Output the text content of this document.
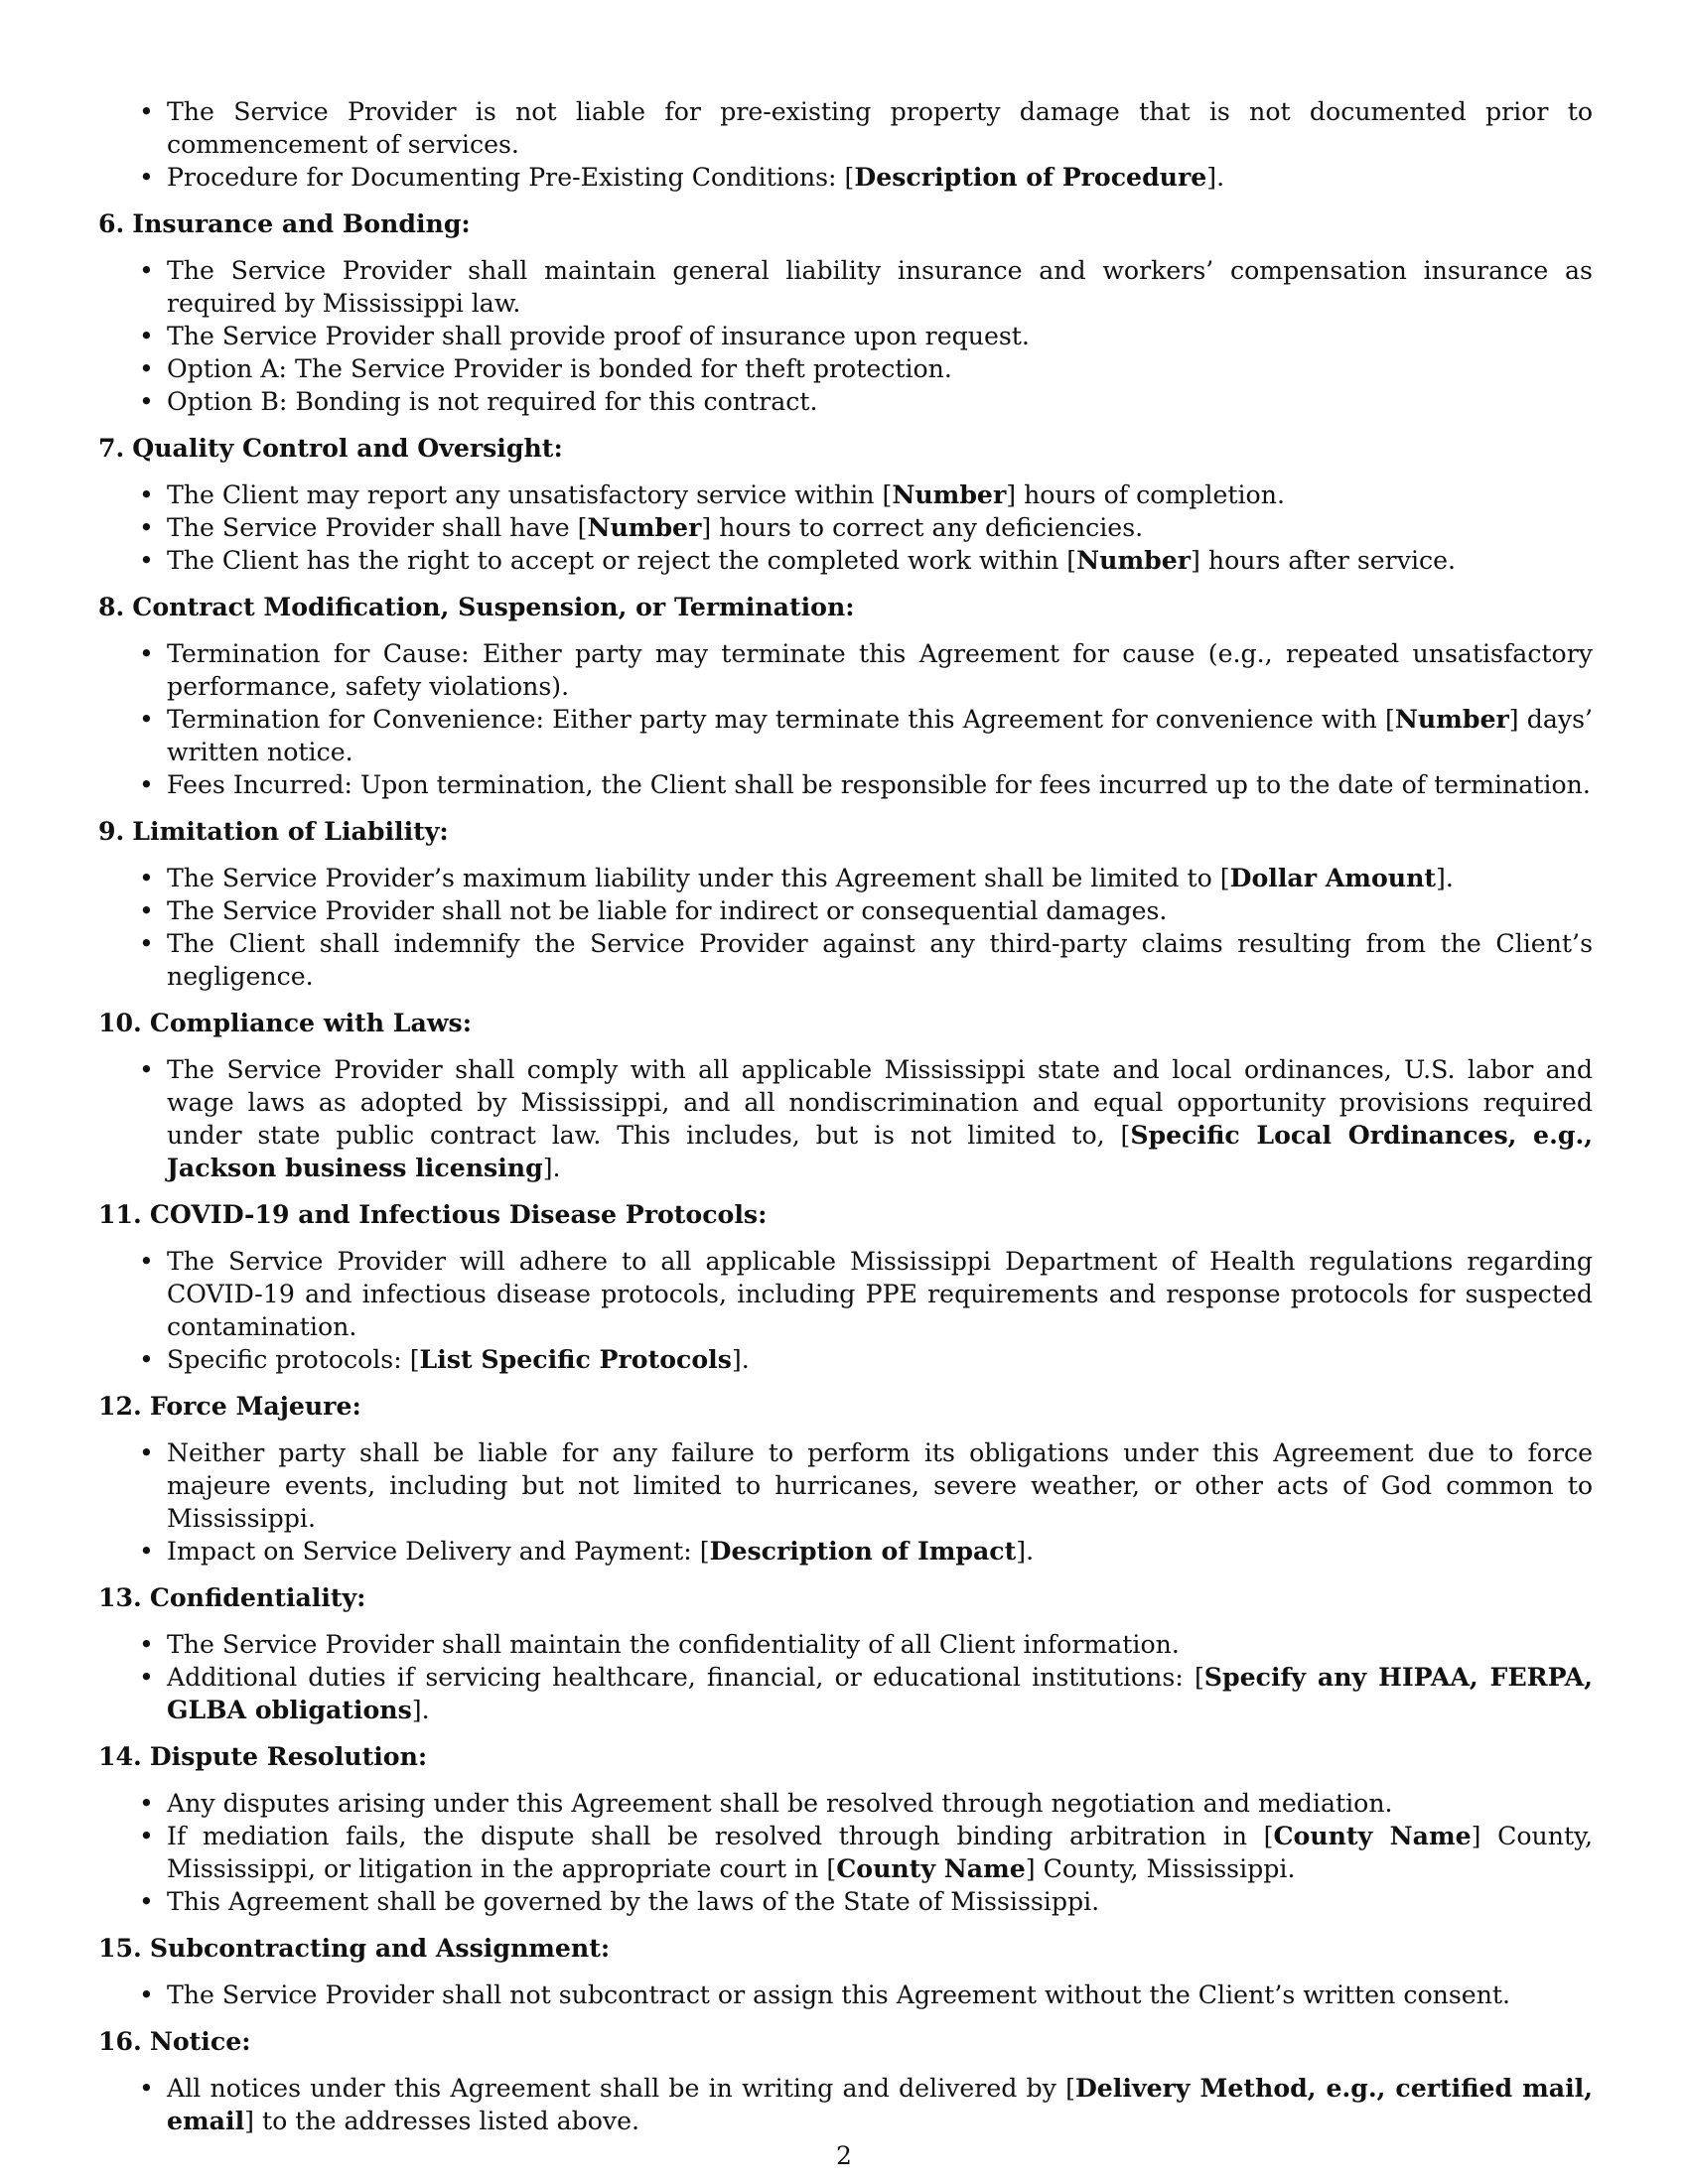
• The Service Provider is not liable for pre-existing property damage that is not documented prior to commencement of services.
• Procedure for Documenting Pre-Existing Conditions: [Description of Procedure].
6. Insurance and Bonding:
• The Service Provider shall maintain general liability insurance and workers’ compensation insurance as required by Mississippi law.
• The Service Provider shall provide proof of insurance upon request.
• Option A: The Service Provider is bonded for theft protection.
• Option B: Bonding is not required for this contract.
7. Quality Control and Oversight:
• The Client may report any unsatisfactory service within [Number] hours of completion.
• The Service Provider shall have [Number] hours to correct any deficiencies.
• The Client has the right to accept or reject the completed work within [Number] hours after service.
8. Contract Modification, Suspension, or Termination:
• Termination for Cause: Either party may terminate this Agreement for cause (e.g., repeated unsatisfactory performance, safety violations).
• Termination for Convenience: Either party may terminate this Agreement for convenience with [Number] days’ written notice.
• Fees Incurred: Upon termination, the Client shall be responsible for fees incurred up to the date of termination.
9. Limitation of Liability:
• The Service Provider’s maximum liability under this Agreement shall be limited to [Dollar Amount].
• The Service Provider shall not be liable for indirect or consequential damages.
• The Client shall indemnify the Service Provider against any third-party claims resulting from the Client’s negligence.
10. Compliance with Laws:
• The Service Provider shall comply with all applicable Mississippi state and local ordinances, U.S. labor and wage laws as adopted by Mississippi, and all nondiscrimination and equal opportunity provisions required under state public contract law. This includes, but is not limited to, [Specific Local Ordinances, e.g., Jackson business licensing].
11. COVID-19 and Infectious Disease Protocols:
• The Service Provider will adhere to all applicable Mississippi Department of Health regulations regarding COVID-19 and infectious disease protocols, including PPE requirements and response protocols for suspected contamination.
• Specific protocols: [List Specific Protocols].
12. Force Majeure:
• Neither party shall be liable for any failure to perform its obligations under this Agreement due to force majeure events, including but not limited to hurricanes, severe weather, or other acts of God common to Mississippi.
• Impact on Service Delivery and Payment: [Description of Impact].
13. Confidentiality:
• The Service Provider shall maintain the confidentiality of all Client information.
• Additional duties if servicing healthcare, financial, or educational institutions: [Specify any HIPAA, FERPA, GLBA obligations].
14. Dispute Resolution:
• Any disputes arising under this Agreement shall be resolved through negotiation and mediation.
• If mediation fails, the dispute shall be resolved through binding arbitration in [County Name] County, Mississippi, or litigation in the appropriate court in [County Name] County, Mississippi.
• This Agreement shall be governed by the laws of the State of Mississippi.
15. Subcontracting and Assignment:
• The Service Provider shall not subcontract or assign this Agreement without the Client’s written consent.
16. Notice:
• All notices under this Agreement shall be in writing and delivered by [Delivery Method, e.g., certified mail, email] to the addresses listed above.
2
